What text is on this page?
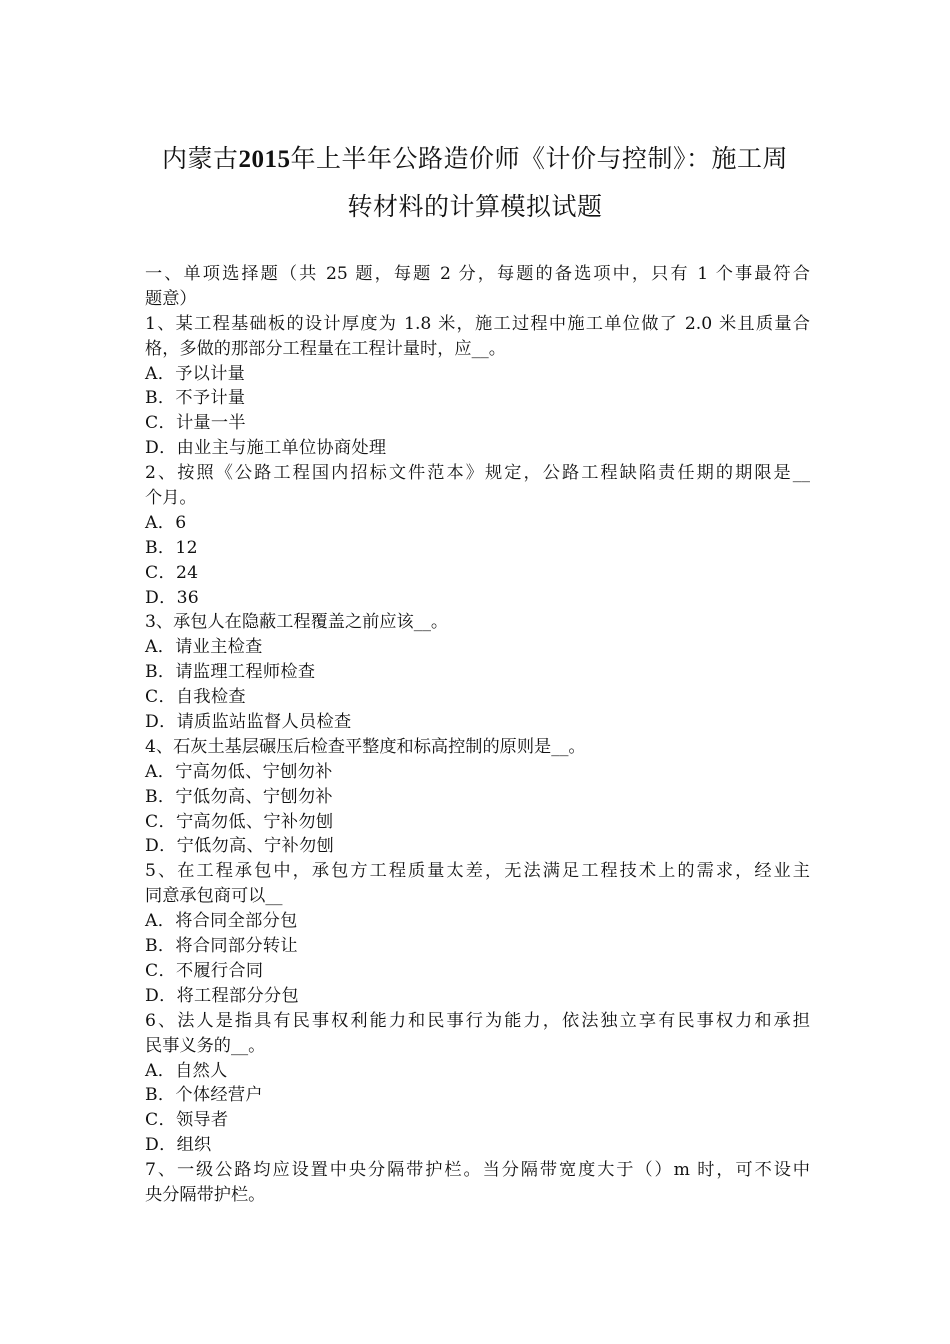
内蒙古2015年上半年公路造价师《计价与控制》：施工周
转材料的计算模拟试题
一、单项选择题（共 25 题，每题 2 分，每题的备选项中，只有 1 个事最符合
题意）
1、某工程基础板的设计厚度为 1.8 米，施工过程中施工单位做了 2.0 米且质量合
格，多做的那部分工程量在工程计量时，应__。
A．予以计量
B．不予计量
C．计量一半
D．由业主与施工单位协商处理
2、按照《公路工程国内招标文件范本》规定，公路工程缺陷责任期的期限是__
个月。
A．6
B．12
C．24
D．36
3、承包人在隐蔽工程覆盖之前应该__。
A．请业主检查
B．请监理工程师检查
C．自我检查
D．请质监站监督人员检查
4、石灰土基层碾压后检查平整度和标高控制的原则是__。
A．宁高勿低、宁刨勿补
B．宁低勿高、宁刨勿补
C．宁高勿低、宁补勿刨
D．宁低勿高、宁补勿刨
5、在工程承包中，承包方工程质量太差，无法满足工程技术上的需求，经业主
同意承包商可以__
A．将合同全部分包
B．将合同部分转让
C．不履行合同
D．将工程部分分包
6、法人是指具有民事权利能力和民事行为能力，依法独立享有民事权力和承担
民事义务的__。
A．自然人
B．个体经营户
C．领导者
D．组织
7、一级公路均应设置中央分隔带护栏。当分隔带宽度大于（）m 时，可不设中
央分隔带护栏。
